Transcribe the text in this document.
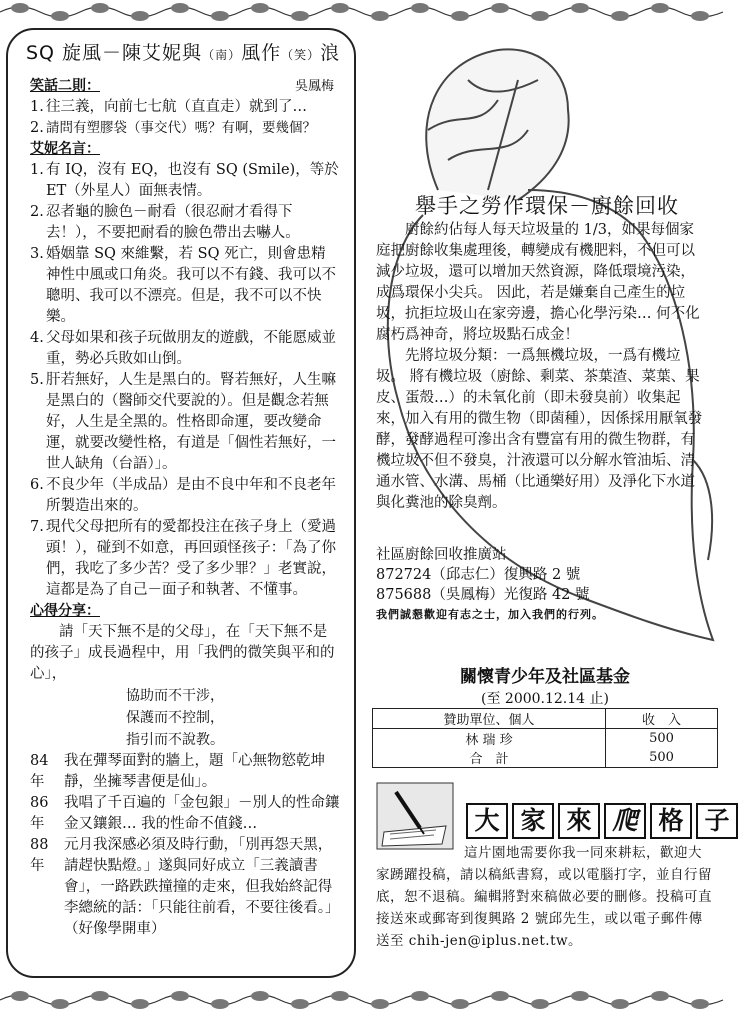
SQ 旋風－陳艾妮與（南）風作（笑）浪
笑話二則：	吳鳳梅
1. 往三義，向前七七航（直直走）就到了…
2. 請問有塑膠袋（事交代）嗎？有啊，要幾個？
艾妮名言：
1. 有 IQ，沒有 EQ，也沒有 SQ (Smile)，等於 ET（外星人）面無表情。
2. 忍者龜的臉色－耐看（很忍耐才看得下去！），不要把耐看的臉色帶出去嚇人。
3. 婚姻靠 SQ 來維繫，若 SQ 死亡，則會患精神性中風或口角炎。我可以不有錢、我可以不聰明、我可以不漂亮。但是，我不可以不快樂。
4. 父母如果和孩子玩做朋友的遊戲，不能愿威並重，勢必兵敗如山倒。
5. 肝若無好，人生是黑白的。腎若無好，人生嘛是黑白的（醫師交代要說的）。但是觀念若無好，人生是全黑的。性格即命運，要改變命運，就要改變性格，有道是「個性若無好，一世人缺角（台語）」。
6. 不良少年（半成品）是由不良中年和不良老年所製造出來的。
7. 現代父母把所有的愛都投注在孩子身上（愛過頭！），碰到不如意，再回頭怪孩子：「為了你們，我吃了多少苦？受了多少罪？」老實說，這都是為了自己－面子和執著、不懂事。
心得分享：
請「天下無不是的父母」，在「天下無不是的孩子」成長過程中，用「我們的微笑與平和的心」，
協助而不干涉，
保護而不控制，
指引而不說教。
84 年
我在彈琴面對的牆上，題「心無物慾乾坤靜，坐擁琴書便是仙」。
86 年
我唱了千百遍的「金包銀」－別人的性命鑲金又鑲銀… 我的性命不值錢…
88 年
元月我深感必須及時行動，「別再怨天黑，請趕快點燈。」遂與同好成立「三義讀書會」，一路跌跌撞撞的走來，但我始終記得李總統的話：「只能往前看，不要往後看。」（好像學開車）
舉手之勞作環保－廚餘回收
廚餘約佔每人每天垃圾量的 1/3，如果每個家庭把廚餘收集處理後，轉變成有機肥料，不但可以減少垃圾，還可以增加天然資源，降低環境污染，成爲環保小尖兵。 因此，若是嫌棄自己產生的垃圾，抗拒垃圾山在家旁邊，擔心化學污染… 何不化腐朽爲神奇，將垃圾點石成金！
先將垃圾分類：一爲無機垃圾，一爲有機垃圾。 將有機垃圾（廚餘、剩菜、茶葉渣、菜葉、果皮、蛋殼…）的未氧化前（即未發臭前）收集起來，加入有用的微生物（即菌種），因係採用厭氧發酵，發酵過程可滲出含有豐富有用的微生物群，有機垃圾不但不發臭，汁液還可以分解水管油垢、清通水管、水溝、馬桶（比通樂好用）及淨化下水道與化糞池的除臭劑。
社區廚餘回收推廣站
872724（邱志仁）復興路 2 號
875688（吳鳳梅）光復路 42 號
我們誠懇歡迎有志之士，加入我們的行列。
關懷青少年及社區基金
(至 2000.12.14 止)
贊助單位、個人	收　入
林 瑞 珍	500
合　計	500
大 家 來 爬 格 子
這片園地需要你我一同來耕耘，歡迎大家踴躍投稿，請以稿紙書寫，或以電腦打字，並自行留底，恕不退稿。編輯將對來稿做必要的刪修。投稿可直接送來或郵寄到復興路 2 號邱先生，或以電子郵件傳送至 chih-jen@iplus.net.tw。
